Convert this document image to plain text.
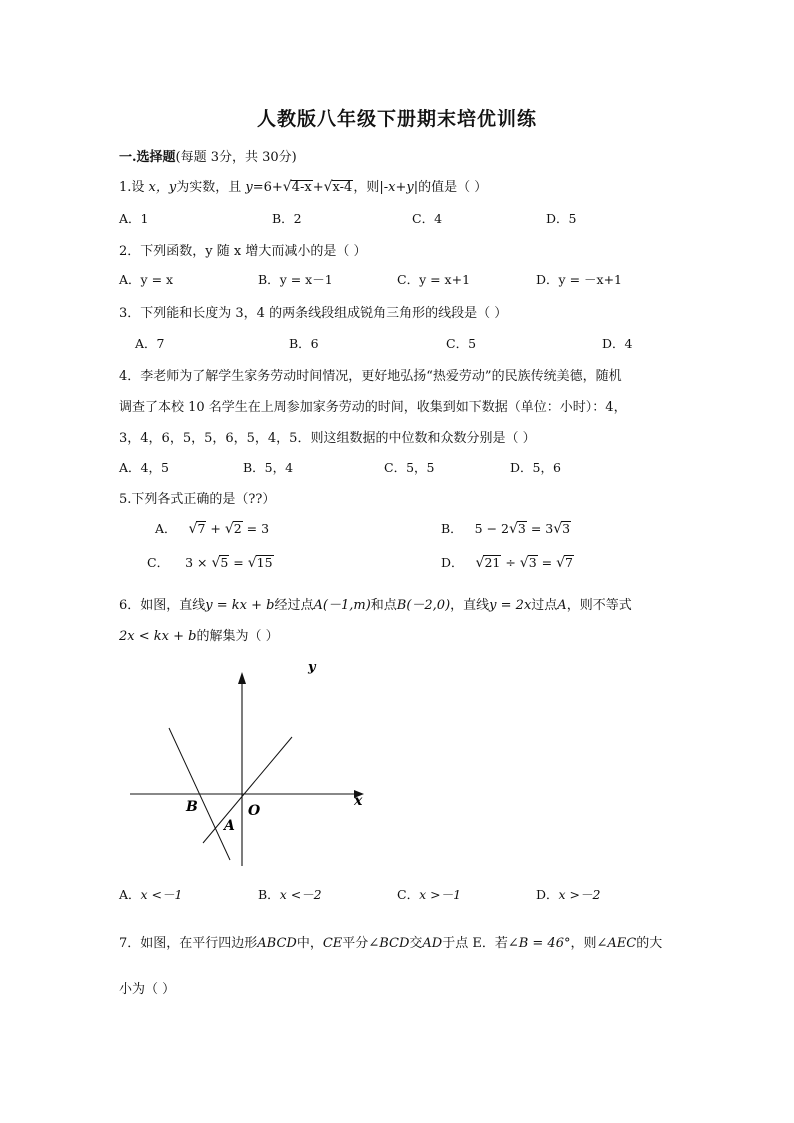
人教版八年级下册期末培优训练
一.选择题(每题 3分，共 30分)
1.设 x，y为实数，且 y=6+√4-x+√x-4，则|-x+y|的值是（ ）
A．1	B．2	C．4	D．5
2．下列函数，y 随 x 增大而减小的是（ ）
A．y = x	B．y = x－1	C．y = x+1	D．y = －x+1
3．下列能和长度为 3，4 的两条线段组成锐角三角形的线段是（ ）
A．7	B．6	C．5	D．4
4．李老师为了解学生家务劳动时间情况，更好地弘扬“热爱劳动”的民族传统美德，随机
调查了本校 10 名学生在上周参加家务劳动的时间，收集到如下数据（单位：小时）：4，
3，4，6，5，5，6，5，4，5．则这组数据的中位数和众数分别是（ ）
A．4，5	B．5，4	C．5，5	D．5，6
5.下列各式正确的是（??）
A． √7 + √2 = 3	B． 5 − 2√3 = 3√3
C． 3 × √5 = √15	D． √21 ÷ √3 = √7
6．如图，直线y = kx + b经过点A(－1,m)和点B(－2,0)，直线y = 2x过点A，则不等式
2x < kx + b的解集为（ ）
y
x
O
B
A
A．x <－1	B．x <－2	C．x >－1	D．x >－2
7．如图，在平行四边形ABCD中，CE平分∠BCD交AD于点 E．若∠B = 46°，则∠AEC的大
小为（ ）
